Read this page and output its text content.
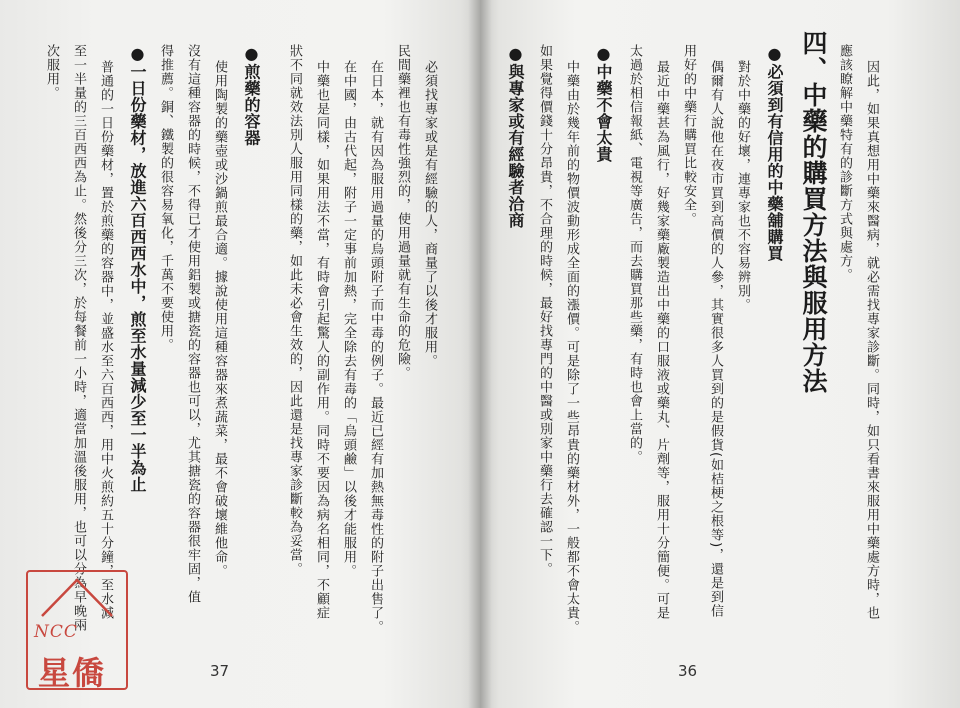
必須找專家或是有經驗的人，商量了以後才服用。
民間藥裡也有毒性強烈的，使用過量就有生命的危險。
在日本，就有因為服用過量的烏頭附子而中毒的例子。最近已經有加熱無毒性的附子出售了。
在中國，由古代起，附子一定事前加熱，完全除去有毒的「烏頭鹼」以後才能服用。
中藥也是同樣，如果用法不當，有時會引起驚人的副作用。同時不要因為病名相同，不顧症
狀不同就效法別人服用同樣的藥，如此未必會生效的，因此還是找專家診斷較為妥當。
●煎藥的容器
使用陶製的藥壺或沙鍋煎最合適。據說使用這種容器來煮蔬菜，最不會破壞維他命。
沒有這種容器的時候，不得已才使用鋁製或搪瓷的容器也可以，尤其搪瓷的容器很牢固，值
得推薦。銅、鐵製的很容易氧化，千萬不要使用。
●一日份藥材，放進六百西西水中，煎至水量減少至一半為止
普通的一日份藥材，置於煎藥的容器中，並盛水至六百西西，用中火煎約五十分鐘，至水減
至一半量的三百西西為止。然後分三次，於每餐前一小時，適當加溫後服用，也可以分為早晚兩
次服用。
37
NCC
星僑
因此，如果真想用中藥來醫病，就必需找專家診斷。同時，如只看書來服用中藥處方時，也
應該瞭解中藥特有的診斷方式與處方。
四、中藥的購買方法與服用方法
●必須到有信用的中藥舖購買
對於中藥的好壞，連專家也不容易辨別。
偶爾有人說他在夜市買到高價的人參，其實很多人買到的是假貨(如桔梗之根等)，還是到信
用好的中藥行購買比較安全。
最近中藥甚為風行，好幾家藥廠製造出中藥的口服液或藥丸、片劑等，服用十分簡便。可是
太過於相信報紙、電視等廣告，而去購買那些藥，有時也會上當的。
●中藥不會太貴
中藥由於幾年前的物價波動形成全面的漲價。可是除了一些昂貴的藥材外，一般都不會太貴。
如果覺得價錢十分昂貴，不合理的時候，最好找專門的中醫或別家中藥行去確認一下。
●與專家或有經驗者洽商
36
